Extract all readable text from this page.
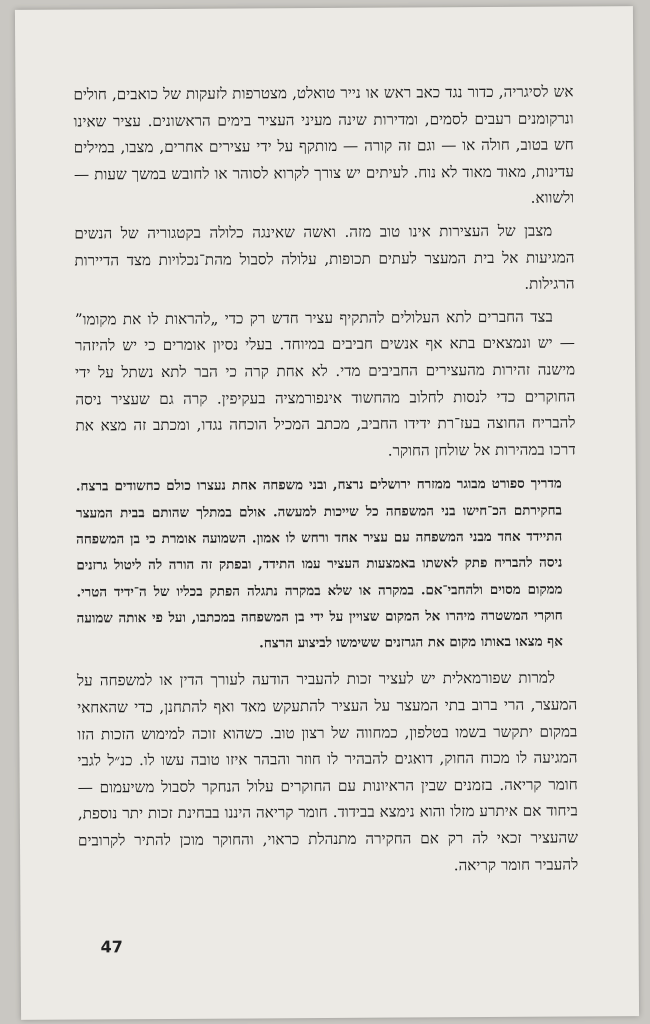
אש לסיגריה, כדור נגד כאב ראש או נייר טואלט, מצטרפות לזעקות של כואבים, חולים ונרקומנים רעבים לסמים, ומדירות שינה מעיני העציר בימים הראשונים. עציר שאינו חש בטוב, חולה או — וגם זה קורה — מותקף על ידי עצירים אחרים, מצבו, במילים עדינות, מאוד מאוד לא נוח. לעיתים יש צורך לקרוא לסוהר או לחובש במשך שעות — ולשווא.

מצבן של העצירות אינו טוב מזה. ואשה שאינגה כלולה בקטגוריה של הנשים המגיעות אל בית המעצר לעתים תכופות, עלולה לסבול מהת־נכלויות מצד הדיירות הרגילות.

בצד החברים לתא העלולים להתקיף עציר חדש רק כדי „להראות לו את מקומו” — יש ונמצאים בתא אף אנשים חביבים במיוחד. בעלי נסיון אומרים כי יש להיזהר מישנה זהירות מהעצירים החביבים מדי. לא אחת קרה כי הבר לתא נשתל על ידי החוקרים כדי לנסות לחלוב מהחשוד אינפורמציה בעקיפין. קרה גם שעציר ניסה להבריח החוצה בעז־רת ידידו החביב, מכתב המכיל הוכחה נגדו, ומכתב זה מצא את דרכו במהירות אל שולחן החוקר.

מדריך ספורט מבוגר ממזרח ירושלים נרצח, ובני משפחה אחת נעצרו כולם כחשודים ברצח. בחקירתם הכ־חישו בני המשפחה כל שייכות למעשה. אולם במתלך שהותם בבית המעצר התיידד אחד מבני המשפחה עם עציר אחד ורחש לו אמון. השמועה אומרת כי בן המשפחה ניסה להבריח פתק לאשתו באמצעות העציר עמו התידד, ובפתק זה הורה לה ליטול גרזנים ממקום מסוים ולהחבי־אם. במקרה או שלא במקרה נתגלה הפתק בכליו של ה־ידיד הטרי. חוקרי המשטרה מיהרו אל המקום שצויין על ידי בן המשפחה במכתבו, ועל פי אותה שמועה אף מצאו באותו מקום את הגרזנים ששימשו לביצוע הרצח.

למרות שפורמאלית יש לעציר זכות להעביר הודעה לעורך הדין או למשפחה על המעצר, הרי ברוב בתי המעצר על העציר להתעקש מאד ואף להתחנן, כדי שהאחאי במקום יתקשר בשמו בטלפון, כמחווה של רצון טוב. כשהוא זוכה למימוש הזכות הזו המגיעה לו מכוח החוק, דואגים להבהיר לו חוזר והבהר איזו טובה עשו לו. כנ״ל לגבי חומר קריאה. בזמנים שבין הראיונות עם החוקרים עלול הנחקר לסבול משיעמום — ביחוד אם איתרע מזלו והוא נימצא בבידוד. חומר קריאה היננו בבחינת זכות יתר נוספת, שהעציר זכאי לה רק אם החקירה מתנהלת כראוי, והחוקר מוכן להתיר לקרובים להעביר חומר קריאה.

47
